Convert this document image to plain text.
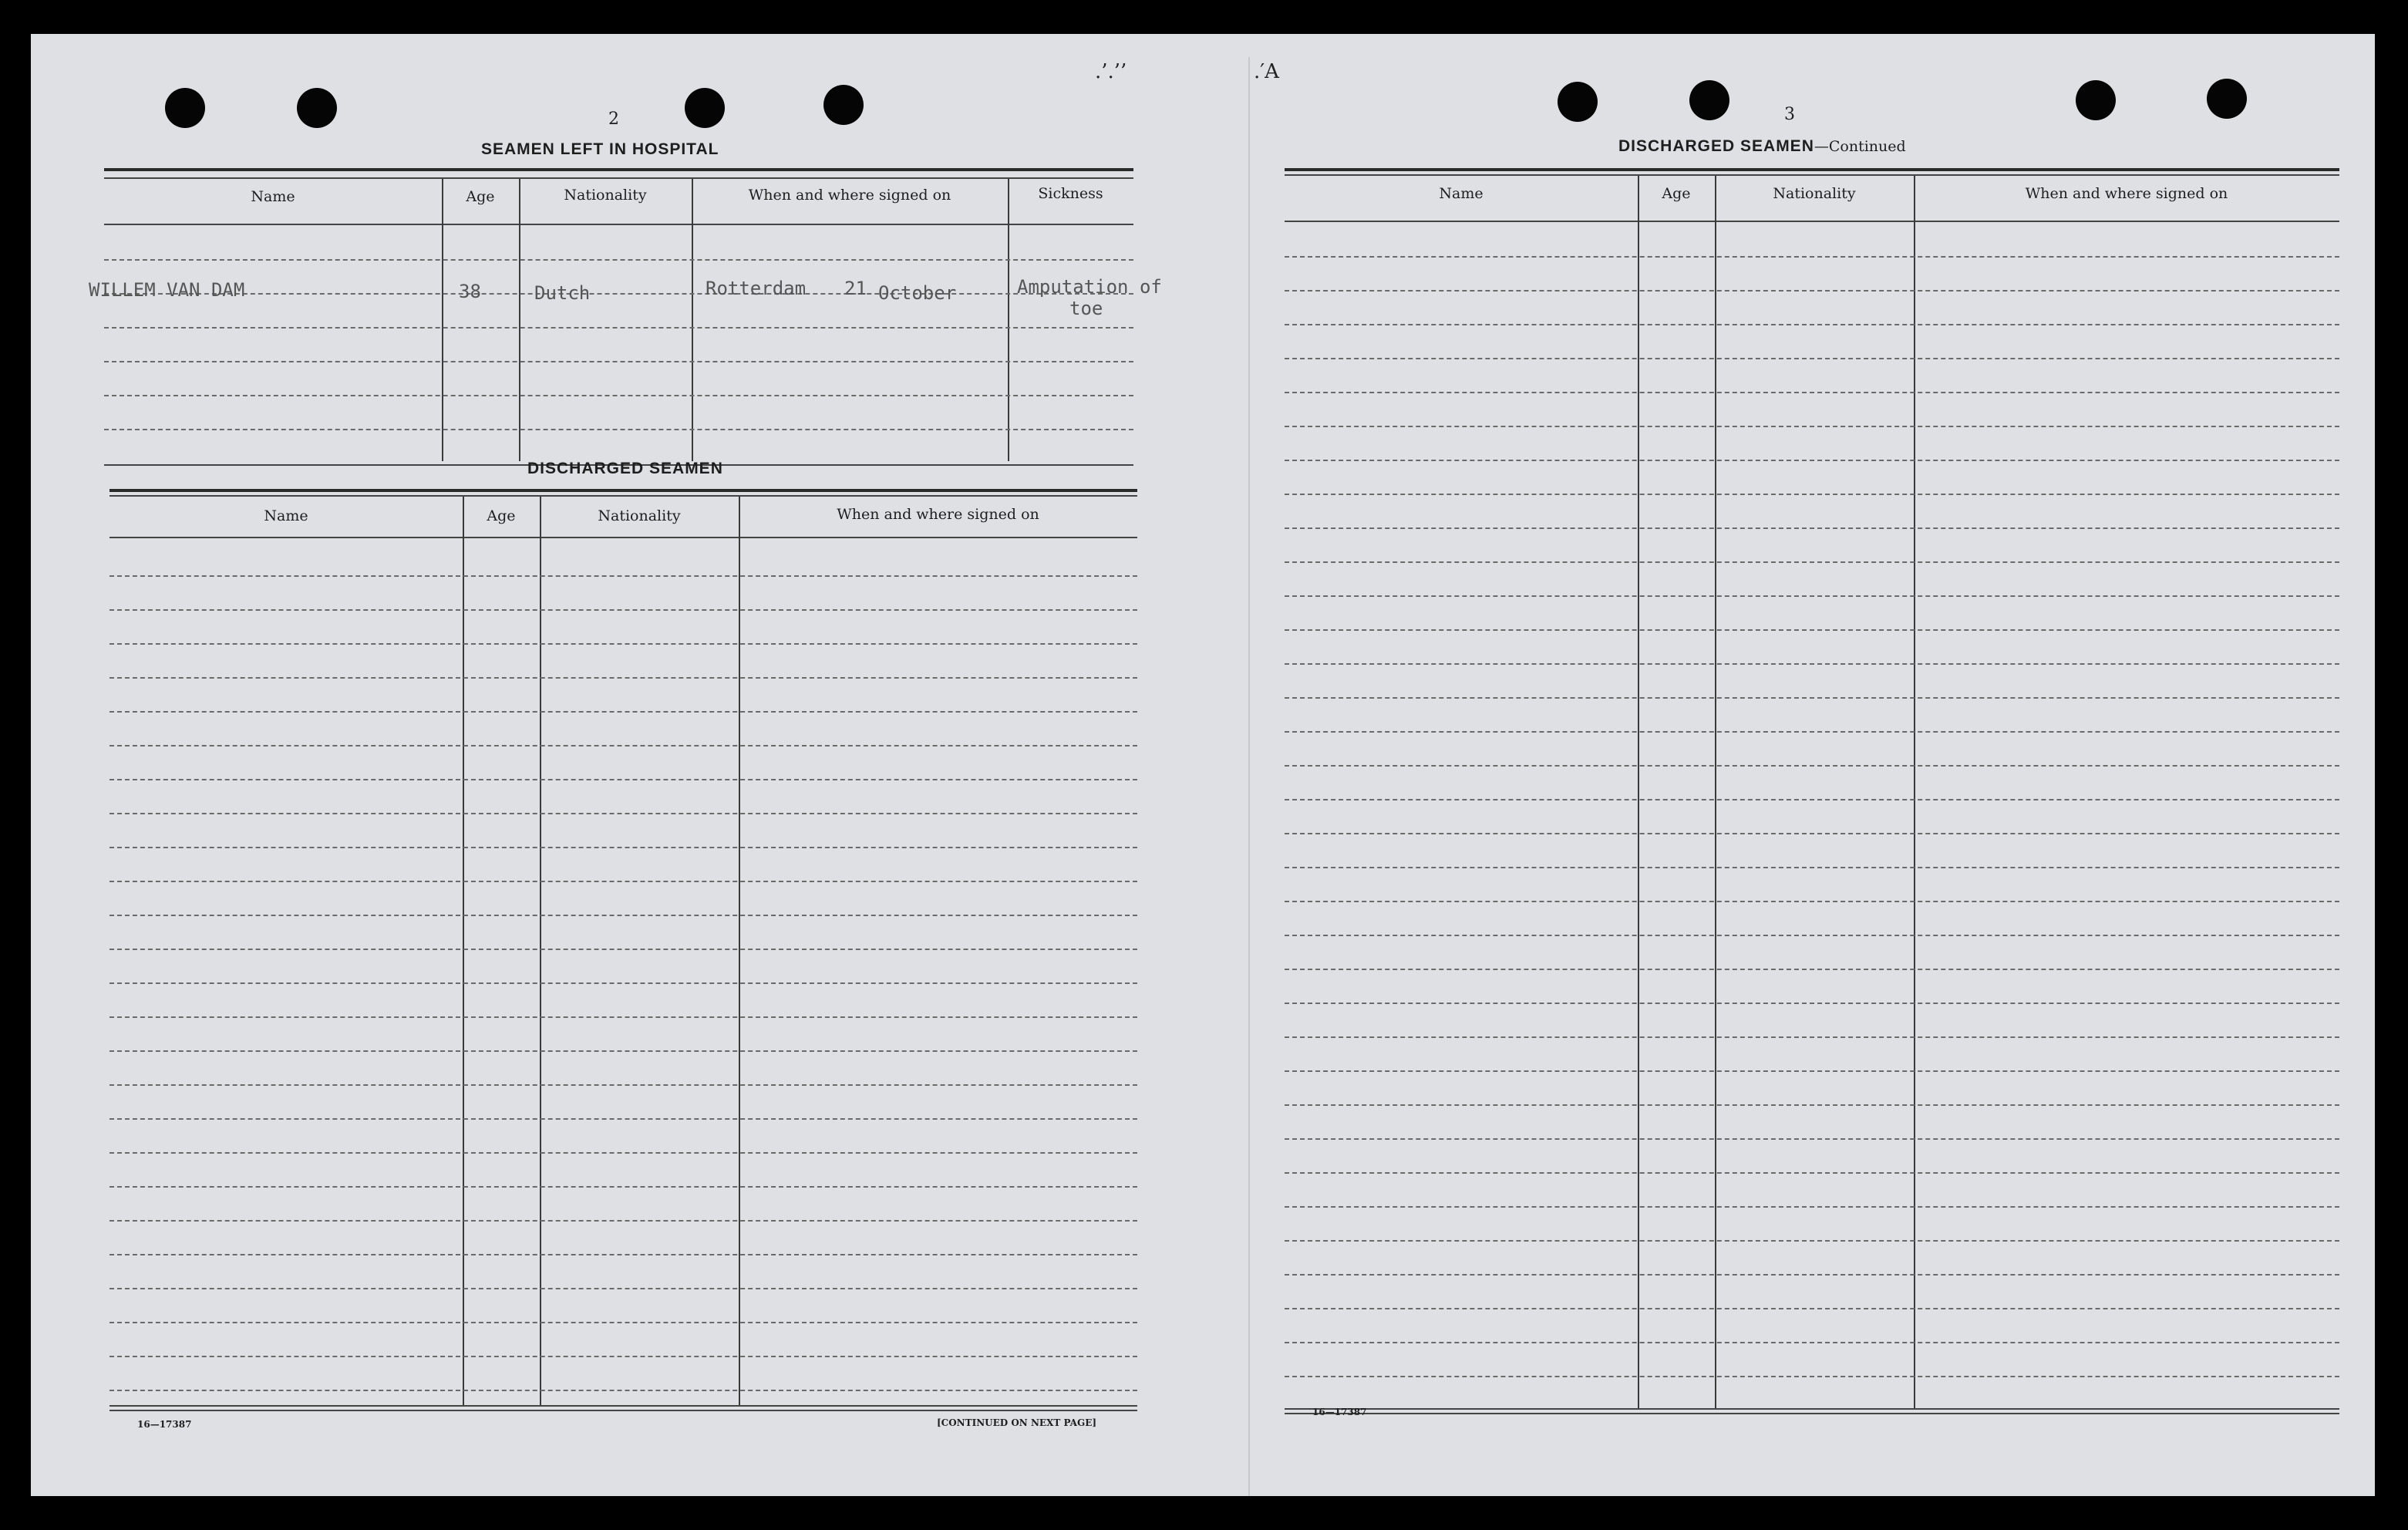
.’.’’	.′A
2
SEAMEN LEFT IN HOSPITAL
Name	Age	Nationality	When and where signed on	Sickness
WILLEM VAN DAM	38	Dutch	Rotterdam 21 October	Amputation of
toe
DISCHARGED SEAMEN
Name	Age	Nationality	When and where signed on
16—17387	[CONTINUED ON NEXT PAGE]
3
DISCHARGED SEAMEN—Continued
Name	Age	Nationality	When and where signed on
16—17387
